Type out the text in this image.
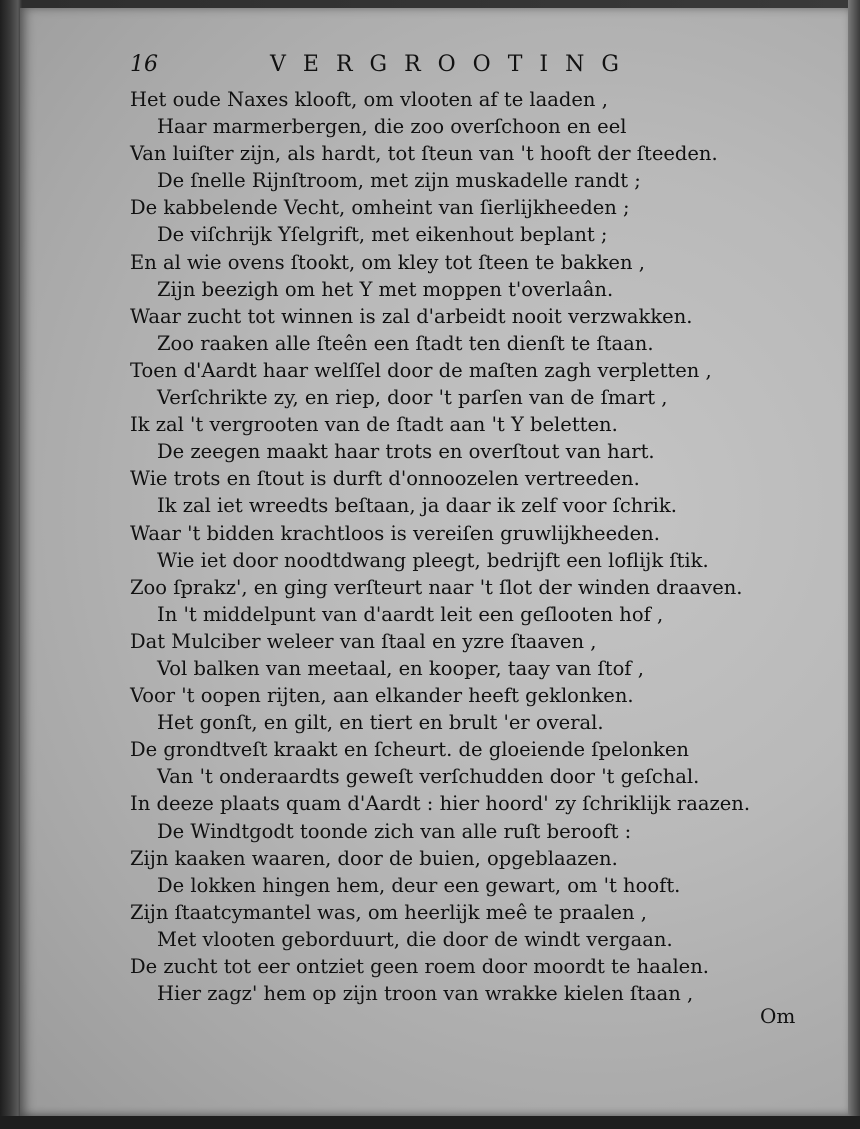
16	VERGROOTING
Het oude Naxes klooft, om vlooten af te laaden ,
Haar marmerbergen, die zoo overſchoon en eel
Van luiſter zijn, als hardt, tot ſteun van 't hooft der ſteeden.
De ſnelle Rijnſtroom, met zijn muskadelle randt ;
De kabbelende Vecht, omheint van ſierlijkheeden ;
De viſchrijk Yſelgrift, met eikenhout beplant ;
En al wie ovens ſtookt, om kley tot ſteen te bakken ,
Zijn beezigh om het Y met moppen t'overlaân.
Waar zucht tot winnen is zal d'arbeidt nooit verzwakken.
Zoo raaken alle ſteên een ſtadt ten dienſt te ſtaan.
Toen d'Aardt haar welſſel door de maſten zagh verpletten ,
Verſchrikte zy, en riep, door 't parſen van de ſmart ,
Ik zal 't vergrooten van de ſtadt aan 't Y beletten.
De zeegen maakt haar trots en overſtout van hart.
Wie trots en ſtout is durft d'onnoozelen vertreeden.
Ik zal iet wreedts beſtaan, ja daar ik zelf voor ſchrik.
Waar 't bidden krachtloos is vereiſen gruwlijkheeden.
Wie iet door noodtdwang pleegt, bedrijft een loflijk ſtik.
Zoo ſprakz', en ging verſteurt naar 't ſlot der winden draaven.
In 't middelpunt van d'aardt leit een geſlooten hof ,
Dat Mulciber weleer van ſtaal en yzre ſtaaven ,
Vol balken van meetaal, en kooper, taay van ſtof ,
Voor 't oopen rijten, aan elkander heeft geklonken.
Het gonſt, en gilt, en tiert en brult 'er overal.
De grondtveſt kraakt en ſcheurt. de gloeiende ſpelonken
Van 't onderaardts geweſt verſchudden door 't geſchal.
In deeze plaats quam d'Aardt : hier hoord' zy ſchriklijk raazen.
De Windtgodt toonde zich van alle ruſt berooft :
Zijn kaaken waaren, door de buien, opgeblaazen.
De lokken hingen hem, deur een gewart, om 't hooft.
Zijn ſtaatcymantel was, om heerlijk meê te praalen ,
Met vlooten geborduurt, die door de windt vergaan.
De zucht tot eer ontziet geen roem door moordt te haalen.
Hier zagz' hem op zijn troon van wrakke kielen ſtaan ,
Om
